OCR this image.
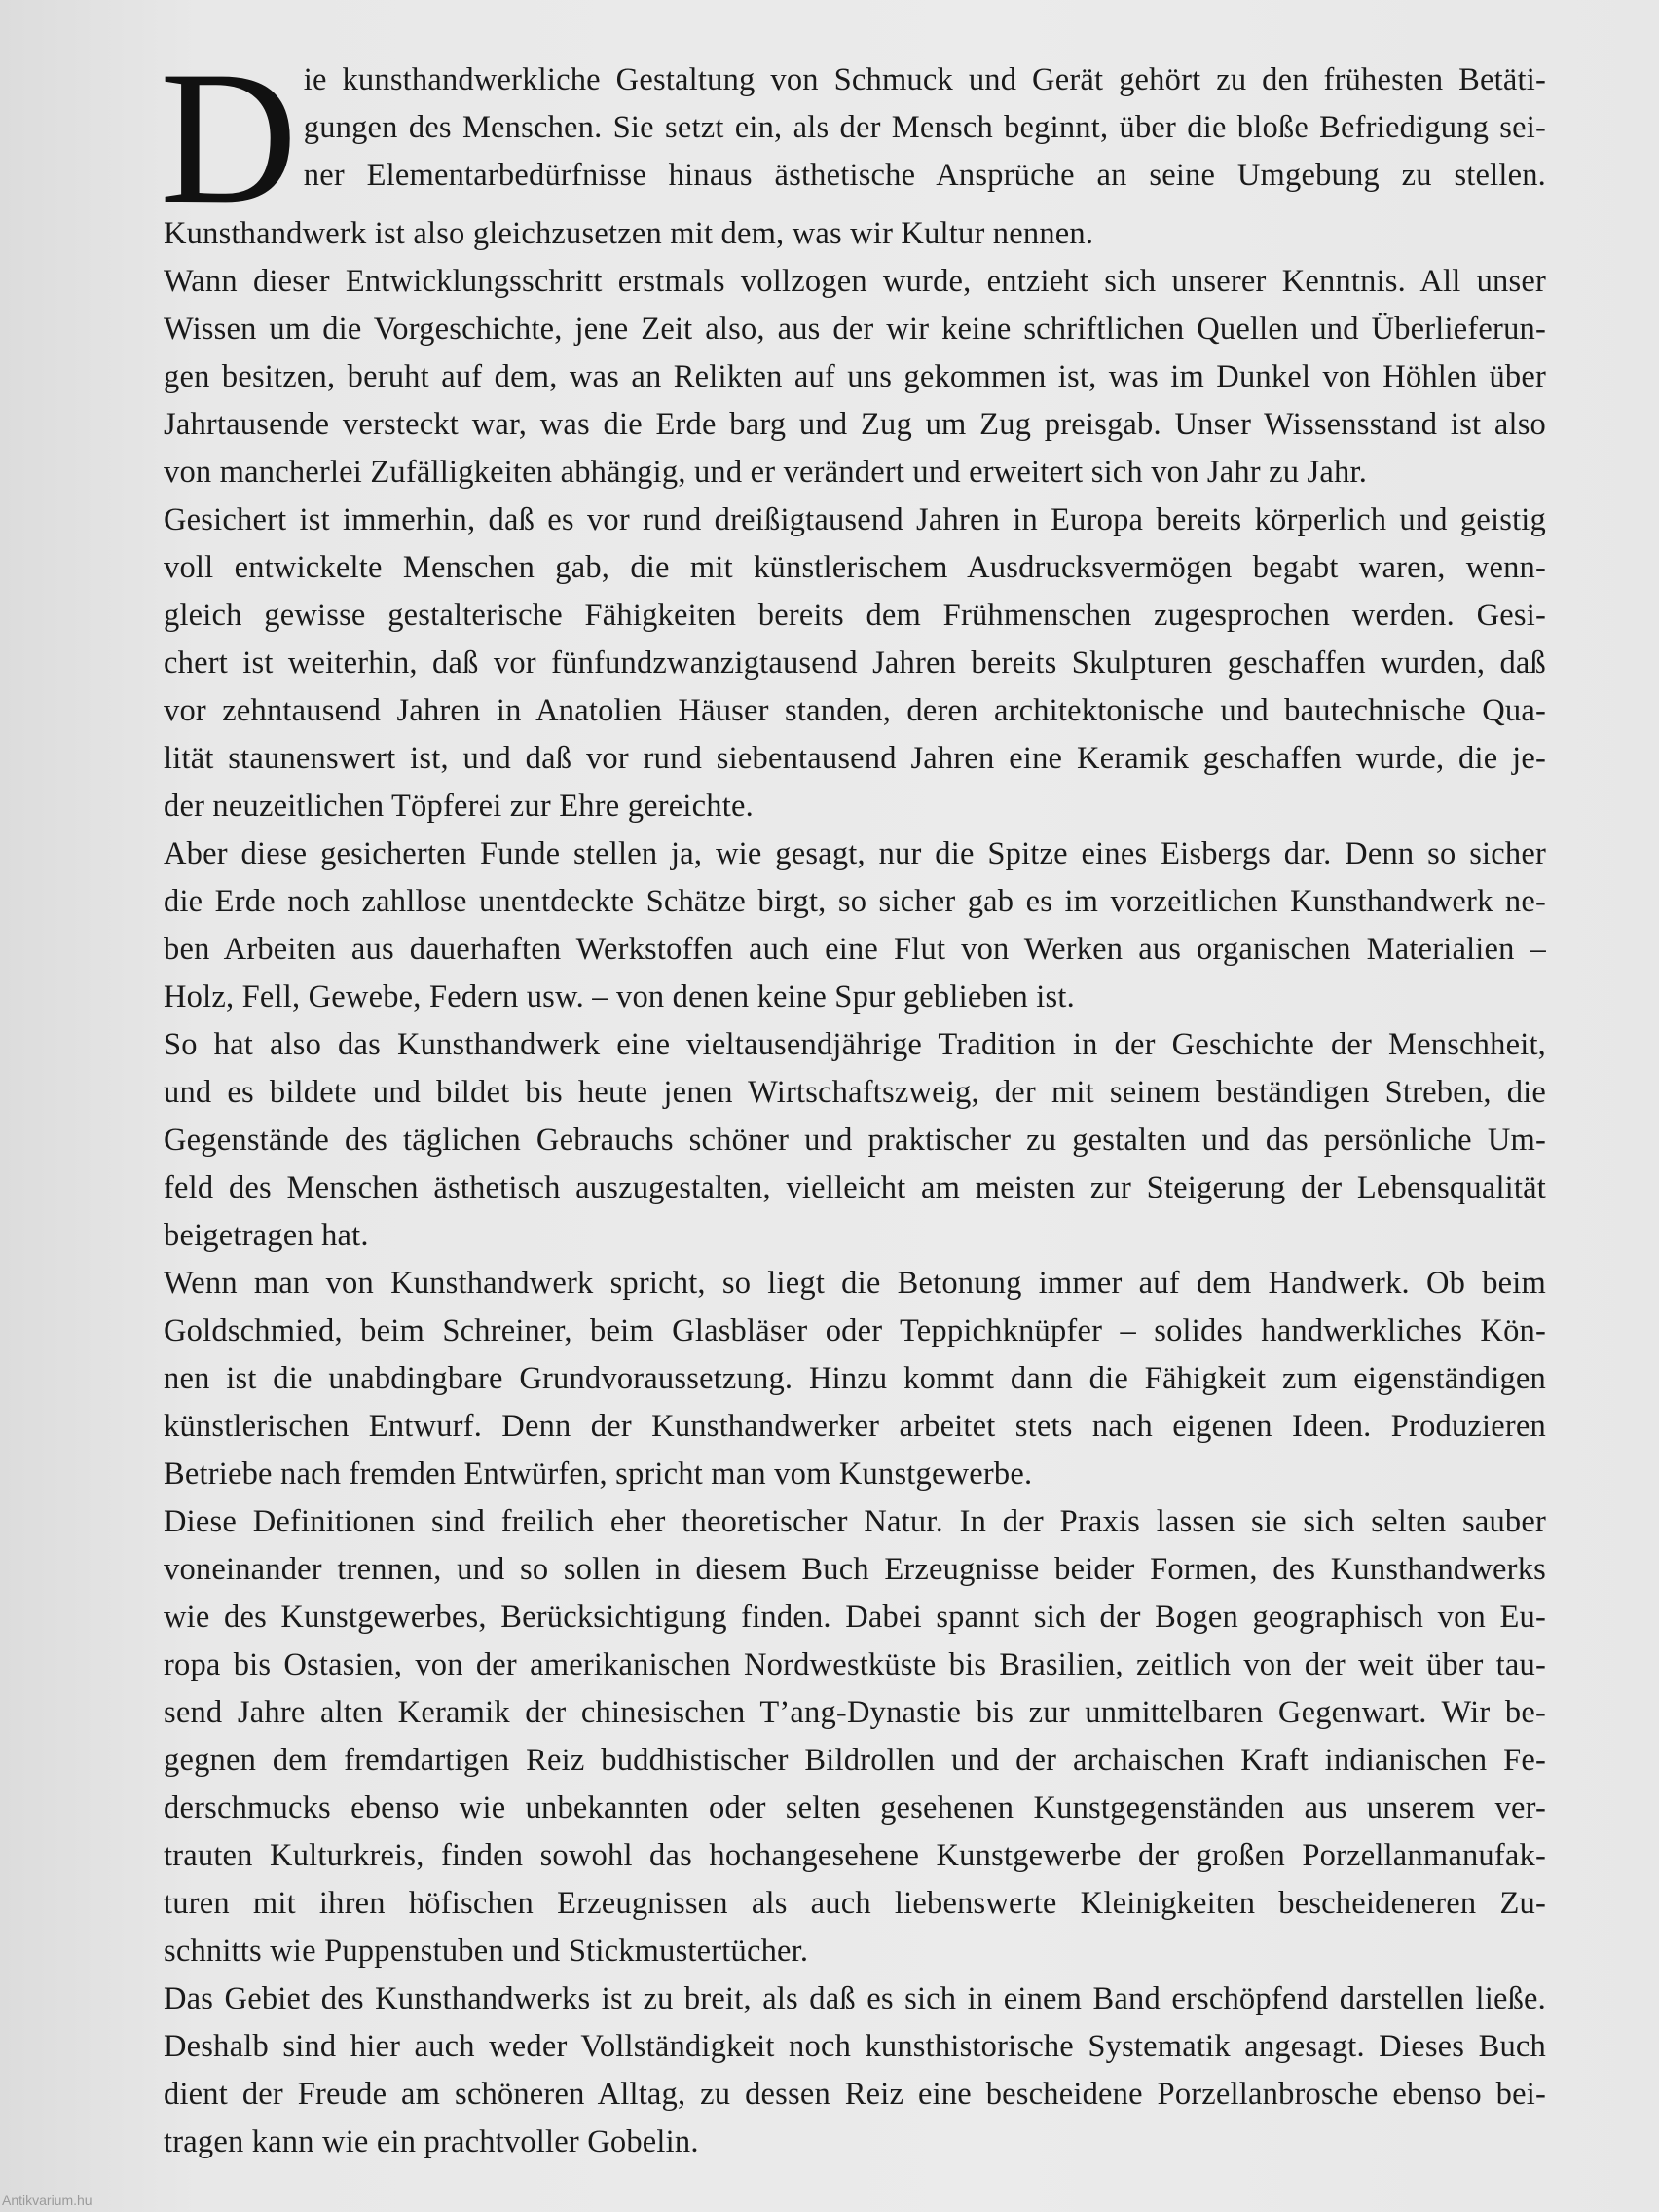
D ie kunsthandwerkliche Gestaltung von Schmuck und Gerät gehört zu den frühesten Betäti-
gungen des Menschen. Sie setzt ein, als der Mensch beginnt, über die bloße Befriedigung sei-
ner Elementarbedürfnisse hinaus ästhetische Ansprüche an seine Umgebung zu stellen.
Kunsthandwerk ist also gleichzusetzen mit dem, was wir Kultur nennen.
Wann dieser Entwicklungsschritt erstmals vollzogen wurde, entzieht sich unserer Kenntnis. All unser
Wissen um die Vorgeschichte, jene Zeit also, aus der wir keine schriftlichen Quellen und Überlieferun-
gen besitzen, beruht auf dem, was an Relikten auf uns gekommen ist, was im Dunkel von Höhlen über
Jahrtausende versteckt war, was die Erde barg und Zug um Zug preisgab. Unser Wissensstand ist also
von mancherlei Zufälligkeiten abhängig, und er verändert und erweitert sich von Jahr zu Jahr.
Gesichert ist immerhin, daß es vor rund dreißigtausend Jahren in Europa bereits körperlich und geistig
voll entwickelte Menschen gab, die mit künstlerischem Ausdrucksvermögen begabt waren, wenn-
gleich gewisse gestalterische Fähigkeiten bereits dem Frühmenschen zugesprochen werden. Gesi-
chert ist weiterhin, daß vor fünfundzwanzigtausend Jahren bereits Skulpturen geschaffen wurden, daß
vor zehntausend Jahren in Anatolien Häuser standen, deren architektonische und bautechnische Qua-
lität staunenswert ist, und daß vor rund siebentausend Jahren eine Keramik geschaffen wurde, die je-
der neuzeitlichen Töpferei zur Ehre gereichte.
Aber diese gesicherten Funde stellen ja, wie gesagt, nur die Spitze eines Eisbergs dar. Denn so sicher
die Erde noch zahllose unentdeckte Schätze birgt, so sicher gab es im vorzeitlichen Kunsthandwerk ne-
ben Arbeiten aus dauerhaften Werkstoffen auch eine Flut von Werken aus organischen Materialien –
Holz, Fell, Gewebe, Federn usw. – von denen keine Spur geblieben ist.
So hat also das Kunsthandwerk eine vieltausendjährige Tradition in der Geschichte der Menschheit,
und es bildete und bildet bis heute jenen Wirtschaftszweig, der mit seinem beständigen Streben, die
Gegenstände des täglichen Gebrauchs schöner und praktischer zu gestalten und das persönliche Um-
feld des Menschen ästhetisch auszugestalten, vielleicht am meisten zur Steigerung der Lebensqualität
beigetragen hat.
Wenn man von Kunsthandwerk spricht, so liegt die Betonung immer auf dem Handwerk. Ob beim
Goldschmied, beim Schreiner, beim Glasbläser oder Teppichknüpfer – solides handwerkliches Kön-
nen ist die unabdingbare Grundvoraussetzung. Hinzu kommt dann die Fähigkeit zum eigenständigen
künstlerischen Entwurf. Denn der Kunsthandwerker arbeitet stets nach eigenen Ideen. Produzieren
Betriebe nach fremden Entwürfen, spricht man vom Kunstgewerbe.
Diese Definitionen sind freilich eher theoretischer Natur. In der Praxis lassen sie sich selten sauber
voneinander trennen, und so sollen in diesem Buch Erzeugnisse beider Formen, des Kunsthandwerks
wie des Kunstgewerbes, Berücksichtigung finden. Dabei spannt sich der Bogen geographisch von Eu-
ropa bis Ostasien, von der amerikanischen Nordwestküste bis Brasilien, zeitlich von der weit über tau-
send Jahre alten Keramik der chinesischen T’ang-Dynastie bis zur unmittelbaren Gegenwart. Wir be-
gegnen dem fremdartigen Reiz buddhistischer Bildrollen und der archaischen Kraft indianischen Fe-
derschmucks ebenso wie unbekannten oder selten gesehenen Kunstgegenständen aus unserem ver-
trauten Kulturkreis, finden sowohl das hochangesehene Kunstgewerbe der großen Porzellanmanufak-
turen mit ihren höfischen Erzeugnissen als auch liebenswerte Kleinigkeiten bescheideneren Zu-
schnitts wie Puppenstuben und Stickmustertücher.
Das Gebiet des Kunsthandwerks ist zu breit, als daß es sich in einem Band erschöpfend darstellen ließe.
Deshalb sind hier auch weder Vollständigkeit noch kunsthistorische Systematik angesagt. Dieses Buch
dient der Freude am schöneren Alltag, zu dessen Reiz eine bescheidene Porzellanbrosche ebenso bei-
tragen kann wie ein prachtvoller Gobelin.
Antikvarium.hu
